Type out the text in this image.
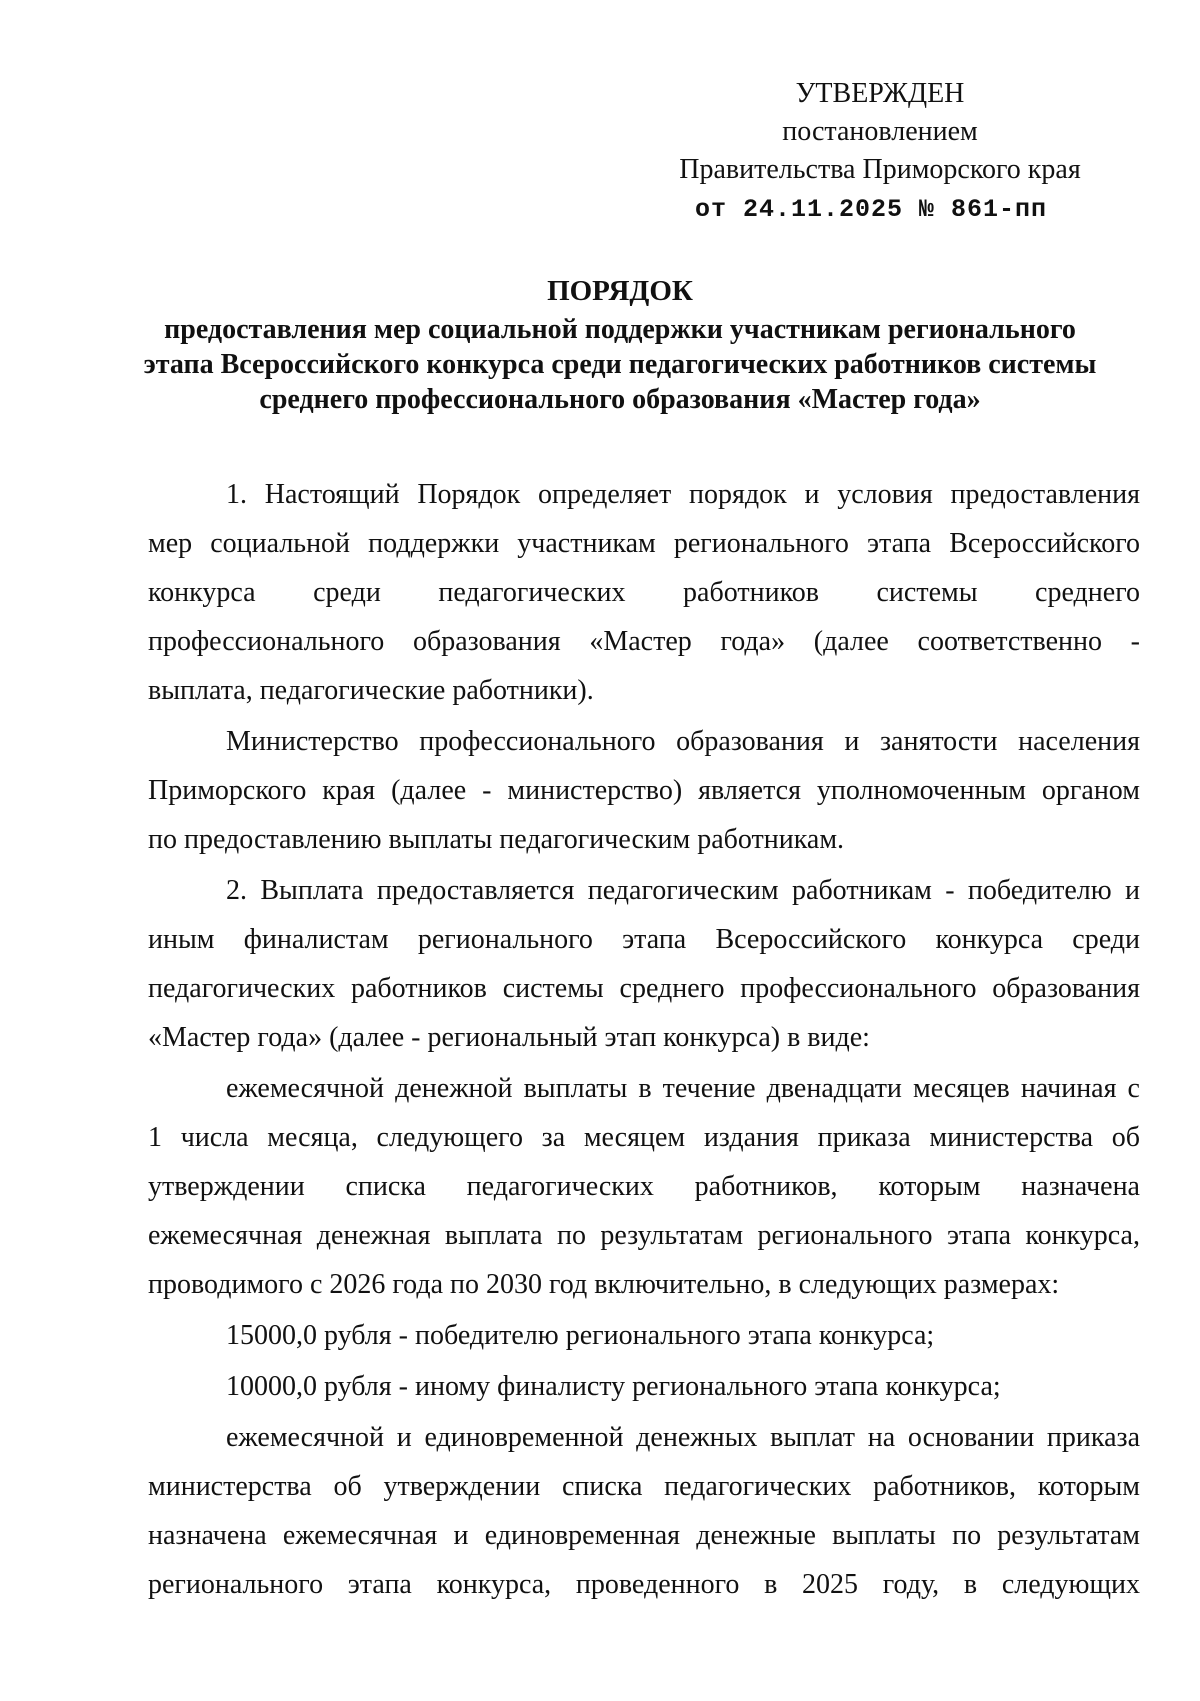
УТВЕРЖДЕН
постановлением
Правительства Приморского края
от 24.11.2025 № 861-пп
ПОРЯДОК
предоставления мер социальной поддержки участникам регионального
этапа Всероссийского конкурса среди педагогических работников системы
среднего профессионального образования «Мастер года»
1. Настоящий Порядок определяет порядок и условия предоставления
мер социальной поддержки участникам регионального этапа Всероссийского
конкурса среди педагогических работников системы среднего
профессионального образования «Мастер года» (далее соответственно -
выплата, педагогические работники).
Министерство профессионального образования и занятости населения
Приморского края (далее - министерство) является уполномоченным органом
по предоставлению выплаты педагогическим работникам.
2. Выплата предоставляется педагогическим работникам - победителю и
иным финалистам регионального этапа Всероссийского конкурса среди
педагогических работников системы среднего профессионального образования
«Мастер года» (далее - региональный этап конкурса) в виде:
ежемесячной денежной выплаты в течение двенадцати месяцев начиная с
1 числа месяца, следующего за месяцем издания приказа министерства об
утверждении списка педагогических работников, которым назначена
ежемесячная денежная выплата по результатам регионального этапа конкурса,
проводимого с 2026 года по 2030 год включительно, в следующих размерах:
15000,0 рубля - победителю регионального этапа конкурса;
10000,0 рубля - иному финалисту регионального этапа конкурса;
ежемесячной и единовременной денежных выплат на основании приказа
министерства об утверждении списка педагогических работников, которым
назначена ежемесячная и единовременная денежные выплаты по результатам
регионального этапа конкурса, проведенного в 2025 году, в следующих
